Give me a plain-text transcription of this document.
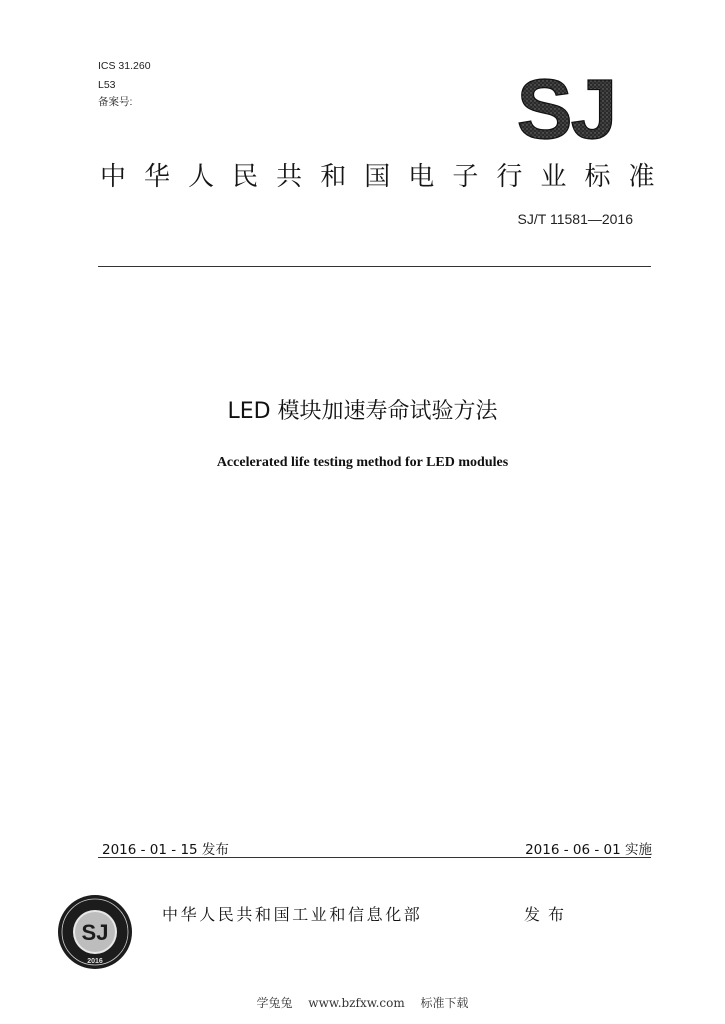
ICS 31.260
L53
备案号:	SJ
中华人民共和国电子行业标准
SJ/T 11581—2016
LED 模块加速寿命试验方法
Accelerated life testing method for LED modules
2016 - 01 - 15 发布	2016 - 06 - 01 实施
SJ
2016
中华人民共和国工业和信息化部	发布
学兔兔 www.bzfxw.com 标准下载
